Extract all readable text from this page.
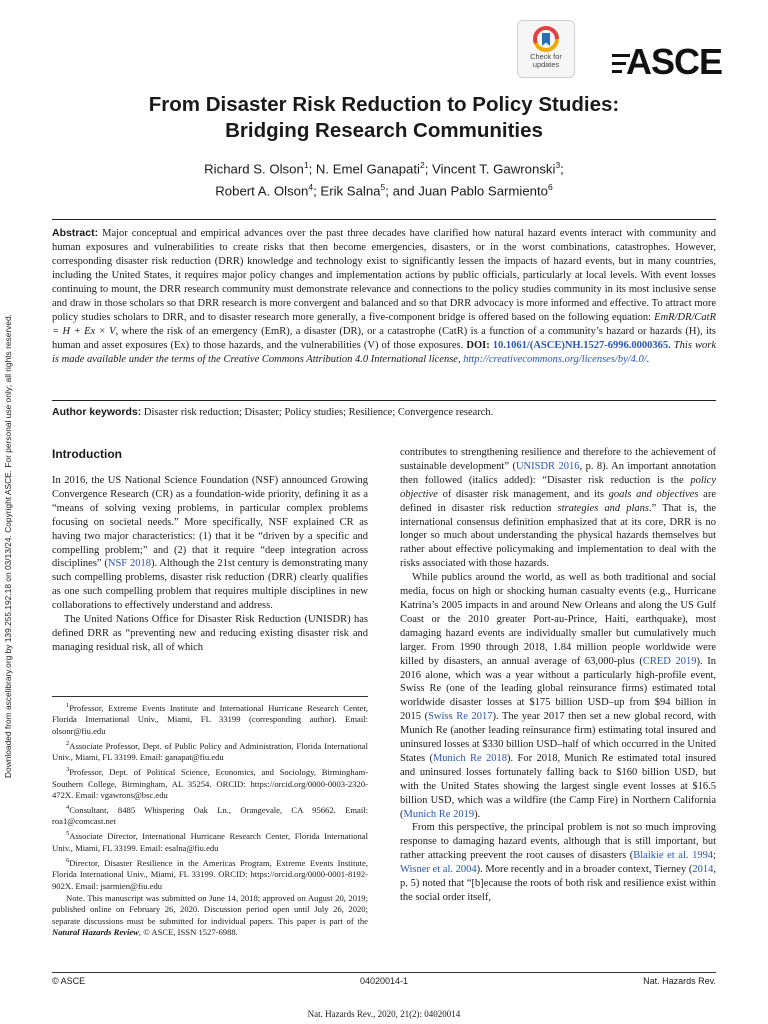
Downloaded from ascelibrary.org by 139.255.192.18 on 03/13/24. Copyright ASCE. For personal use only; all rights reserved.
Check for
updates	ASCE
From Disaster Risk Reduction to Policy Studies:
Bridging Research Communities
Richard S. Olson$^1$; N. Emel Ganapati$^2$; Vincent T. Gawronski$^3$;
Robert A. Olson$^4$; Erik Salna$^5$; and Juan Pablo Sarmiento$^6$
Abstract: Major conceptual and empirical advances over the past three decades have clarified how natural hazard events interact with community and human exposures and vulnerabilities to create risks that then become emergencies, disasters, or in the worst combinations, catastrophes. However, corresponding disaster risk reduction (DRR) knowledge and technology exist to significantly lessen the impacts of hazard events, but in many countries, including the United States, it requires major policy changes and implementation actions by public officials, particularly at local levels. With event losses continuing to mount, the DRR research community must demonstrate relevance and connections to the policy studies community in its most inclusive sense and draw in those scholars so that DRR research is more convergent and balanced and so that DRR advocacy is more informed and effective. To attract more policy studies scholars to DRR, and to disaster research more generally, a five-component bridge is offered based on the following equation: EmR/DR/CatR = H + Ex × V, where the risk of an emergency (EmR), a disaster (DR), or a catastrophe (CatR) is a function of a community’s hazard or hazards (H), its human and asset exposures (Ex) to those hazards, and the vulnerabilities (V) of those exposures. DOI: 10.1061/(ASCE)NH.1527-6996.0000365. This work is made available under the terms of the Creative Commons Attribution 4.0 International license, http://creativecommons.org/licenses/by/4.0/.
Author keywords: Disaster risk reduction; Disaster; Policy studies; Resilience; Convergence research.
Introduction

In 2016, the US National Science Foundation (NSF) announced Growing Convergence Research (CR) as a foundation-wide priority, defining it as a “means of solving vexing problems, in particular complex problems focusing on societal needs.” More specifically, NSF explained CR as having two major characteristics: (1) that it be “driven by a specific and compelling problem;” and (2) that it require “deep integration across disciplines” (NSF 2018). Although the 21st century is demonstrating many such compelling problems, disaster risk reduction (DRR) clearly qualifies as one such compelling problem that requires multiple disciplines in new collaborations to effectively understand and address.

The United Nations Office for Disaster Risk Reduction (UNISDR) has defined DRR as “preventing new and reducing existing disaster risk and managing residual risk, all of which

$^1$Professor, Extreme Events Institute and International Hurricane Research Center, Florida International Univ., Miami, FL 33199 (corresponding author). Email: olsonr@fiu.edu

$^2$Associate Professor, Dept. of Public Policy and Administration, Florida International Univ., Miami, FL 33199. Email: ganapat@fiu.edu

$^3$Professor, Dept. of Political Science, Economics, and Sociology, Birmingham-Southern College, Birmingham, AL 35254. ORCID: https://orcid.org/0000-0003-2320-472X. Email: vgawrons@bsc.edu

$^4$Consultant, 8485 Whispering Oak Ln., Orangevale, CA 95662. Email: roa1@comcast.net

$^5$Associate Director, International Hurricane Research Center, Florida International Univ., Miami, FL 33199. Email: esalna@fiu.edu

$^6$Director, Disaster Resilience in the Americas Program, Extreme Events Institute, Florida International Univ., Miami, FL 33199. ORCID: https://orcid.org/0000-0001-8192-902X. Email: jsarmien@fiu.edu

Note. This manuscript was submitted on June 14, 2018; approved on August 20, 2019; published online on February 26, 2020. Discussion period open until July 26, 2020; separate discussions must be submitted for individual papers. This paper is part of the Natural Hazards Review, © ASCE, ISSN 1527-6988.

contributes to strengthening resilience and therefore to the achievement of sustainable development” (UNISDR 2016, p. 8). An important annotation then followed (italics added): “Disaster risk reduction is the policy objective of disaster risk management, and its goals and objectives are defined in disaster risk reduction strategies and plans.” That is, the international consensus definition emphasized that at its core, DRR is no longer so much about understanding the physical hazards themselves but rather about effective policymaking and implementation to deal with the risks associated with those hazards.

While publics around the world, as well as both traditional and social media, focus on high or shocking human casualty events (e.g., Hurricane Katrina’s 2005 impacts in and around New Orleans and along the US Gulf Coast or the 2010 greater Port-au-Prince, Haiti, earthquake), most damaging hazard events are individually smaller but cumulatively much larger. From 1990 through 2018, 1.84 million people worldwide were killed by disasters, an annual average of 63,000-plus (CRED 2019). In 2016 alone, which was a year without a particularly high-profile event, Swiss Re (one of the leading global reinsurance firms) estimated total worldwide disaster losses at $175 billion USD–up from $94 billion in 2015 (Swiss Re 2017). The year 2017 then set a new global record, with Munich Re (another leading reinsurance firm) estimating total insured and uninsured losses at $330 billion USD–half of which occurred in the United States (Munich Re 2018). For 2018, Munich Re estimated total insured and uninsured losses fortunately falling back to $160 billion USD, but with the United States showing the largest single event losses at $16.5 billion USD, which was a wildfire (the Camp Fire) in Northern California (Munich Re 2019).

From this perspective, the principal problem is not so much improving response to damaging hazard events, although that is still important, but rather attacking preevent the root causes of disasters (Blaikie et al. 1994; Wisner et al. 2004). More recently and in a broader context, Tierney (2014, p. 5) noted that “[b]ecause the roots of both risk and resilience exist within the social order itself,

© ASCE	04020014-1	Nat. Hazards Rev.
Nat. Hazards Rev., 2020, 21(2): 04020014
